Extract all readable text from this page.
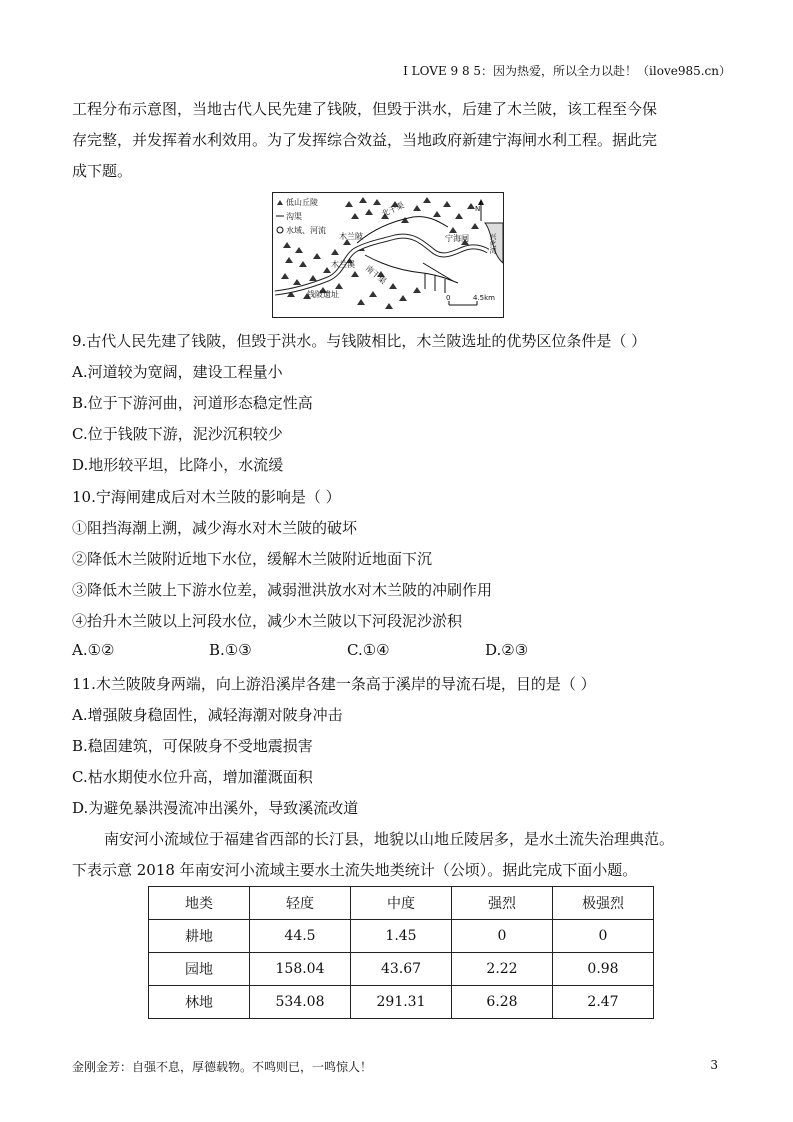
I LOVE 9 8 5：因为热爱，所以全力以赴！（ilove985.cn）
工程分布示意图，当地古代人民先建了钱陂，但毁于洪水，后建了木兰陂，该工程至今保
存完整，并发挥着水利效用。为了发挥综合效益，当地政府新建宁海闸水利工程。据此完
成下题。
低山丘陵
沟渠
水域、河流
北干渠
木兰陂	宁海闸	兴化湾
南干渠
木兰溪
钱陂遗址
N
0	4.5km
9.古代人民先建了钱陂，但毁于洪水。与钱陂相比，木兰陂选址的优势区位条件是（ ）
A.河道较为宽阔，建设工程量小
B.位于下游河曲，河道形态稳定性高
C.位于钱陂下游，泥沙沉积较少
D.地形较平坦，比降小，水流缓
10.宁海闸建成后对木兰陂的影响是（ ）
①阻挡海潮上溯，减少海水对木兰陂的破坏
②降低木兰陂附近地下水位，缓解木兰陂附近地面下沉
③降低木兰陂上下游水位差，减弱泄洪放水对木兰陂的冲刷作用
④抬升木兰陂以上河段水位，减少木兰陂以下河段泥沙淤积
A.①②	B.①③	C.①④	D.②③
11.木兰陂陂身两端，向上游沿溪岸各建一条高于溪岸的导流石堤，目的是（ ）
A.增强陂身稳固性，减轻海潮对陂身冲击
B.稳固建筑，可保陂身不受地震损害
C.枯水期使水位升高，增加灌溉面积
D.为避免暴洪漫流冲出溪外，导致溪流改道
南安河小流域位于福建省西部的长汀县，地貌以山地丘陵居多，是水土流失治理典范。
下表示意 2018 年南安河小流域主要水土流失地类统计（公顷）。据此完成下面小题。
地类	轻度	中度	强烈	极强烈
耕地	44.5	1.45	0	0
园地	158.04	43.67	2.22	0.98
林地	534.08	291.31	6.28	2.47
金刚金芳：自强不息，厚德载物。不鸣则已，一鸣惊人！	3
